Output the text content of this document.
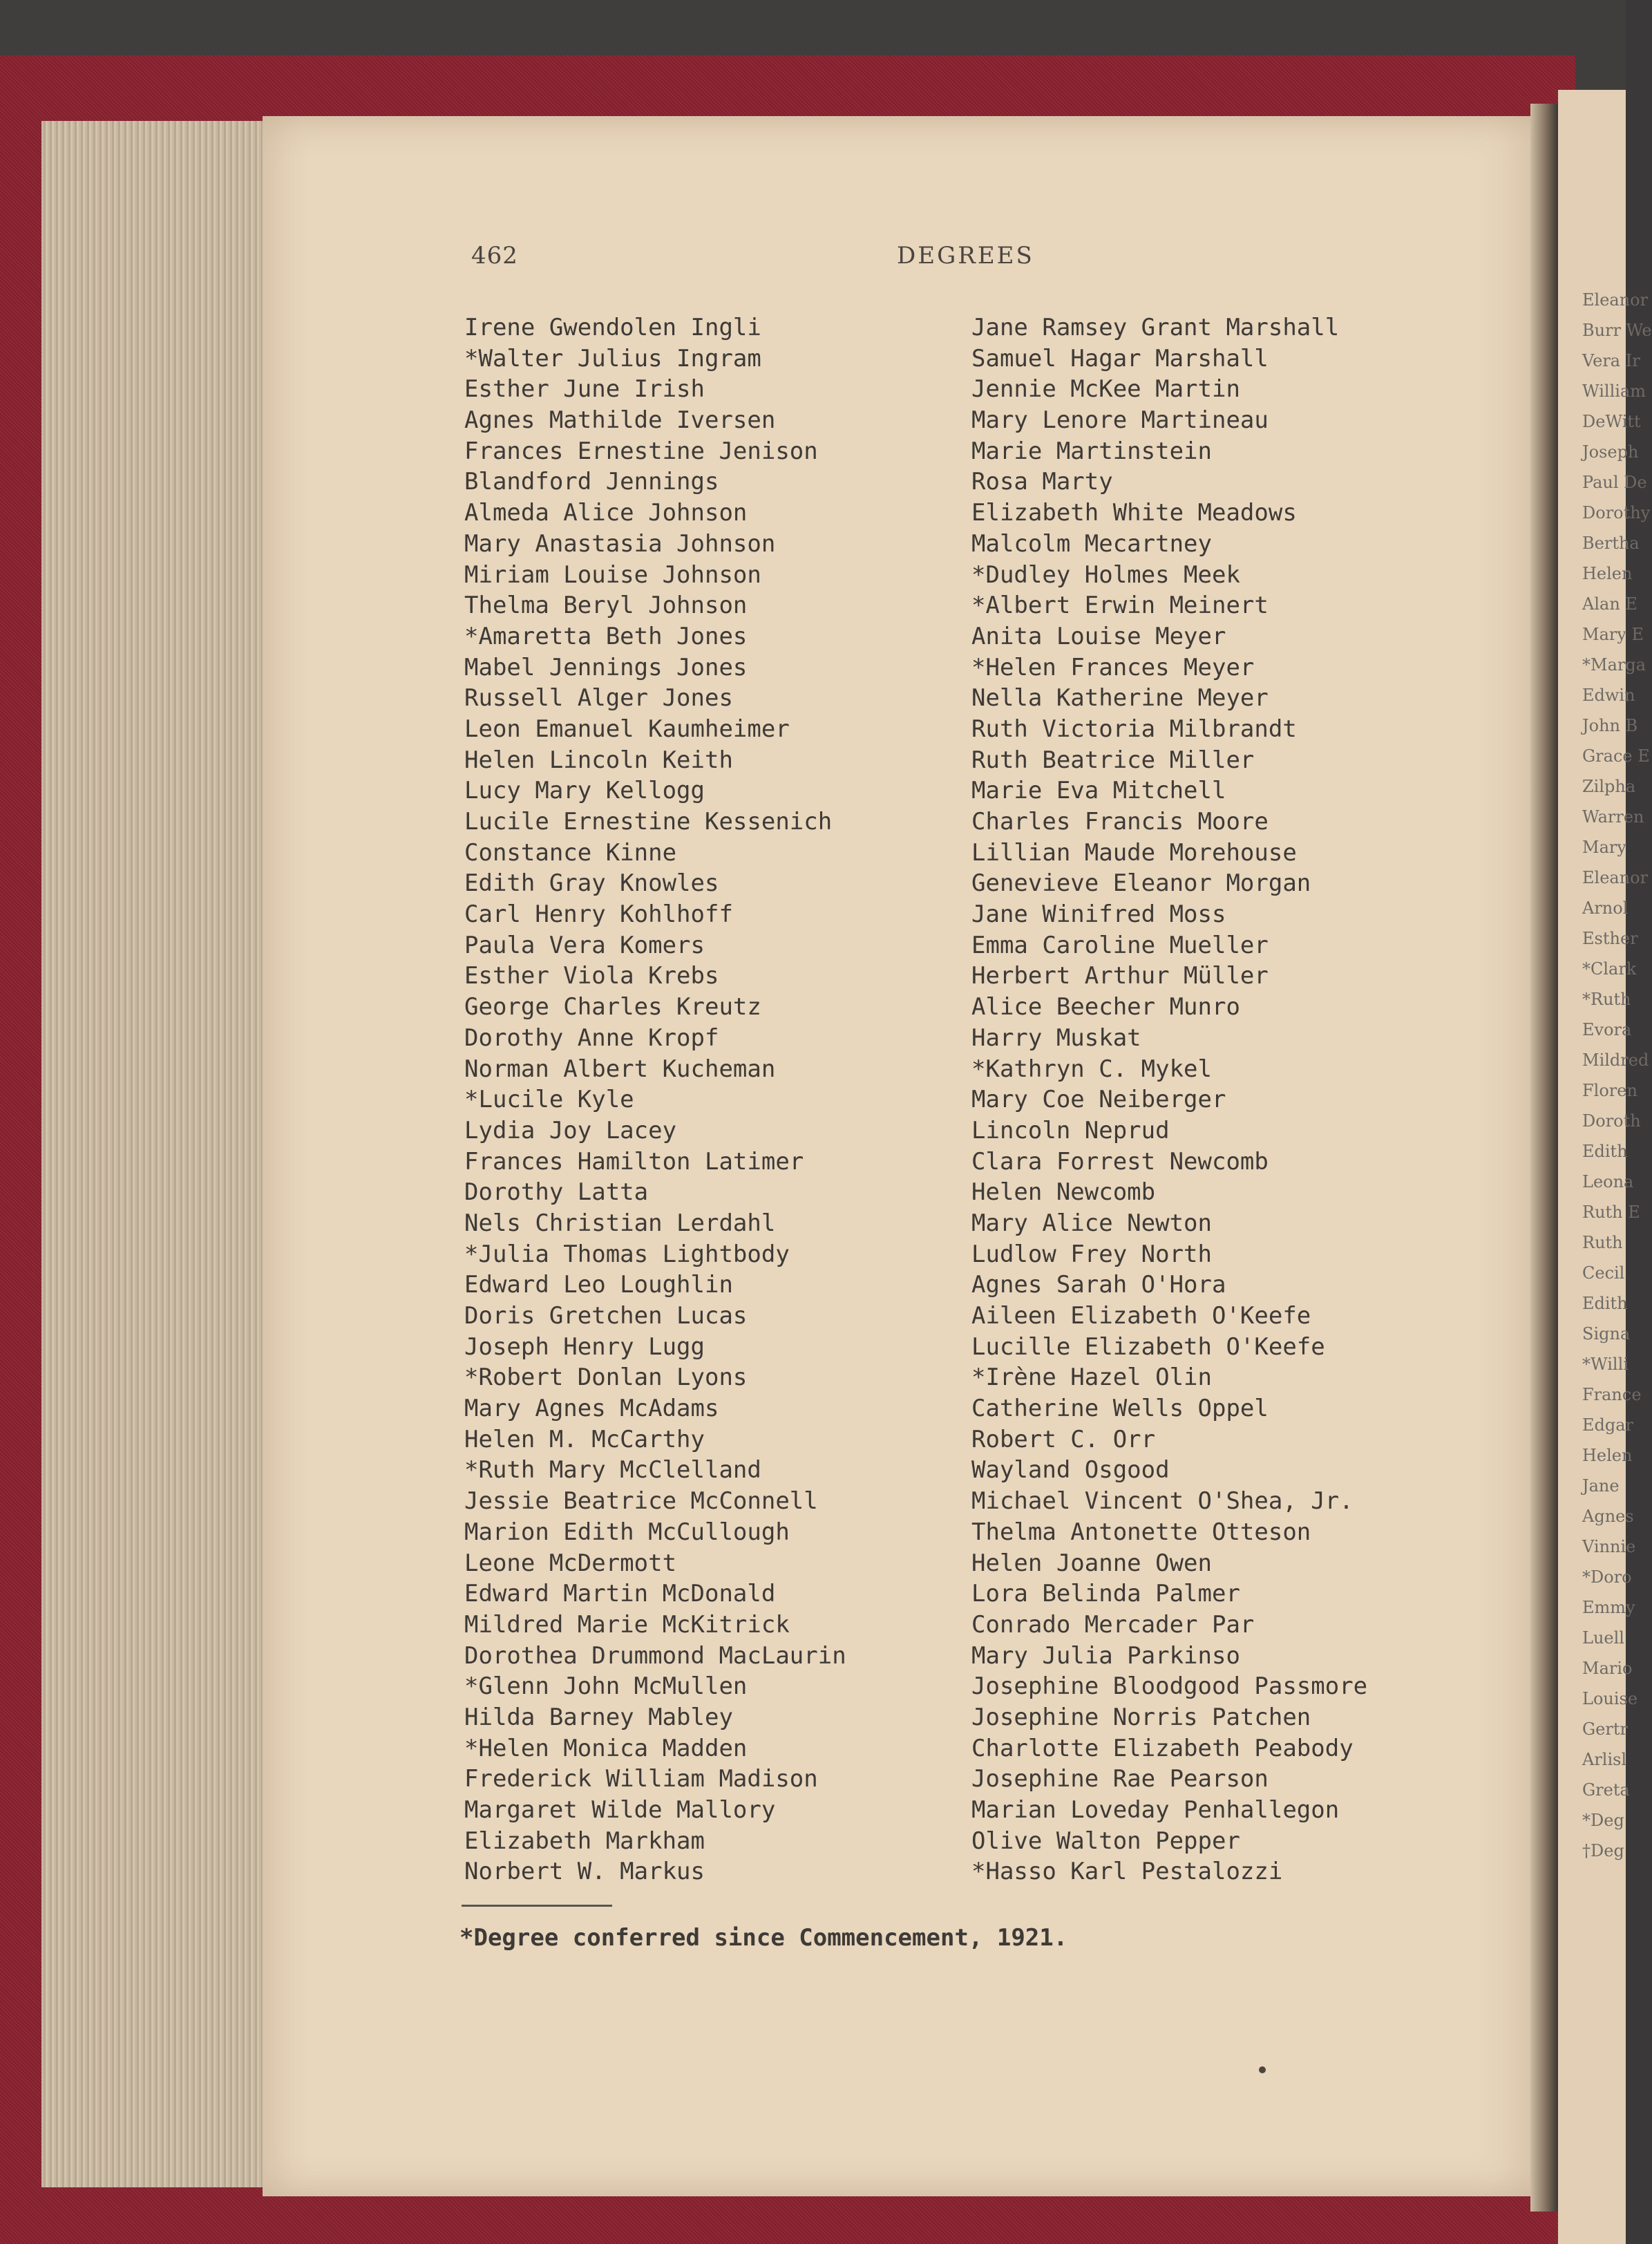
462	DEGREES
Irene Gwendolen Ingli
*Walter Julius Ingram
Esther June Irish
Agnes Mathilde Iversen
Frances Ernestine Jenison
Blandford Jennings
Almeda Alice Johnson
Mary Anastasia Johnson
Miriam Louise Johnson
Thelma Beryl Johnson
*Amaretta Beth Jones
Mabel Jennings Jones
Russell Alger Jones
Leon Emanuel Kaumheimer
Helen Lincoln Keith
Lucy Mary Kellogg
Lucile Ernestine Kessenich
Constance Kinne
Edith Gray Knowles
Carl Henry Kohlhoff
Paula Vera Komers
Esther Viola Krebs
George Charles Kreutz
Dorothy Anne Kropf
Norman Albert Kucheman
*Lucile Kyle
Lydia Joy Lacey
Frances Hamilton Latimer
Dorothy Latta
Nels Christian Lerdahl
*Julia Thomas Lightbody
Edward Leo Loughlin
Doris Gretchen Lucas
Joseph Henry Lugg
*Robert Donlan Lyons
Mary Agnes McAdams
Helen M. McCarthy
*Ruth Mary McClelland
Jessie Beatrice McConnell
Marion Edith McCullough
Leone McDermott
Edward Martin McDonald
Mildred Marie McKitrick
Dorothea Drummond MacLaurin
*Glenn John McMullen
Hilda Barney Mabley
*Helen Monica Madden
Frederick William Madison
Margaret Wilde Mallory
Elizabeth Markham
Norbert W. Markus
Jane Ramsey Grant Marshall
Samuel Hagar Marshall
Jennie McKee Martin
Mary Lenore Martineau
Marie Martinstein
Rosa Marty
Elizabeth White Meadows
Malcolm Mecartney
*Dudley Holmes Meek
*Albert Erwin Meinert
Anita Louise Meyer
*Helen Frances Meyer
Nella Katherine Meyer
Ruth Victoria Milbrandt
Ruth Beatrice Miller
Marie Eva Mitchell
Charles Francis Moore
Lillian Maude Morehouse
Genevieve Eleanor Morgan
Jane Winifred Moss
Emma Caroline Mueller
Herbert Arthur Müller
Alice Beecher Munro
Harry Muskat
*Kathryn C. Mykel
Mary Coe Neiberger
Lincoln Neprud
Clara Forrest Newcomb
Helen Newcomb
Mary Alice Newton
Ludlow Frey North
Agnes Sarah O'Hora
Aileen Elizabeth O'Keefe
Lucille Elizabeth O'Keefe
*Irène Hazel Olin
Catherine Wells Oppel
Robert C. Orr
Wayland Osgood
Michael Vincent O'Shea, Jr.
Thelma Antonette Otteson
Helen Joanne Owen
Lora Belinda Palmer
Conrado Mercader Par
Mary Julia Parkinso
Josephine Bloodgood Passmore
Josephine Norris Patchen
Charlotte Elizabeth Peabody
Josephine Rae Pearson
Marian Loveday Penhallegon
Olive Walton Pepper
*Hasso Karl Pestalozzi
*Degree conferred since Commencement, 1921.
Eleanor
Burr We
Vera Ir
William
DeWitt
Joseph
Paul De
Dorothy
Bertha
Helen
Alan E
Mary E
*Marga
Edwin
John B
Grace E
Zilpha
Warren
Mary
Eleanor
Arnol
Esther
*Clark
*Ruth
Evora
Mildred
Floren
Doroth
Edith
Leona
Ruth E
Ruth
Cecil
Edith
Signa
*Willi
France
Edgar
Helen
Jane
Agnes
Vinnie
*Doro
Emmy
Luell
Mario
Louise
Gertr
Arlisl
Greta
*Deg
†Deg
